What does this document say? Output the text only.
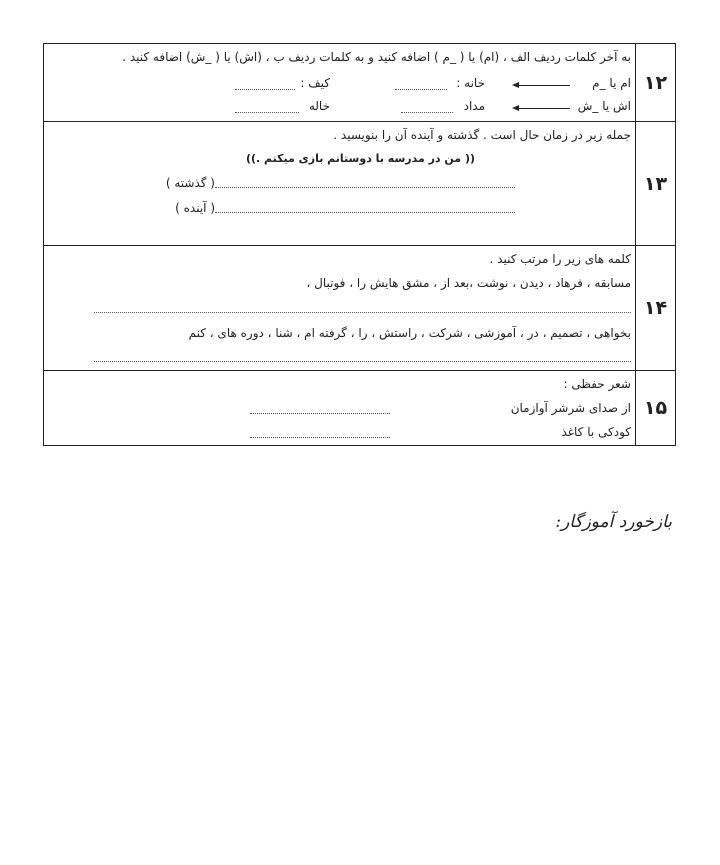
۱۲
به آخر کلمات ردیف الف ، (ام) یا ( _م ) اضافه کنید و به کلمات ردیف ب ، (اش) یا ( _ش) اضافه کنید .
ام یا _م
خانه :
کیف :
اش یا _ش
مداد
خاله
۱۳
جمله زیر در زمان حال است . گذشته و آینده آن را بنویسید .
(( من در مدرسه با دوستانم بازی میکنم .))
( گذشته )
( آینده )
۱۴
کلمه های زیر را مرتب کنید .
مسابقه ، فرهاد ، دیدن ، نوشت ،بعد از ، مشق هایش را ، فوتبال ،
بخواهی ، تصمیم ، در ، آموزشی ، شرکت ، راستش ، را ، گرفته ام ، شنا ، دوره های ، کنم
۱۵
شعر حفظی :
از صدای شرشر آوازمان
کودکی با کاغذ
بازخورد آموزگار:
